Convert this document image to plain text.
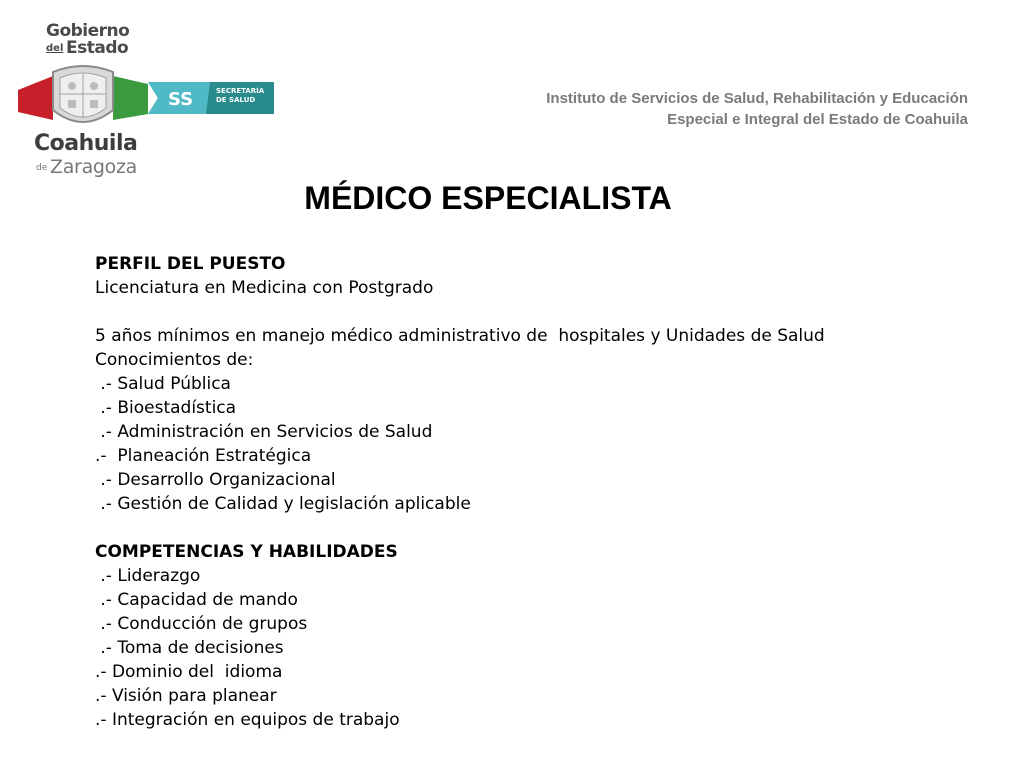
Gobierno
del Estado
SS	SECRETARÍA DE SALUD
Coahuila
de Zaragoza
Instituto de Servicios de Salud, Rehabilitación y Educación
Especial e Integral del Estado de Coahuila
MÉDICO ESPECIALISTA
PERFIL DEL PUESTO
Licenciatura en Medicina con Postgrado
5 años mínimos en manejo médico administrativo de  hospitales y Unidades de Salud
Conocimientos de:
.- Salud Pública
.- Bioestadística
.- Administración en Servicios de Salud
.-  Planeación Estratégica
.- Desarrollo Organizacional
.- Gestión de Calidad y legislación aplicable
COMPETENCIAS Y HABILIDADES
.- Liderazgo
.- Capacidad de mando
.- Conducción de grupos
.- Toma de decisiones
.- Dominio del  idioma
.- Visión para planear
.- Integración en equipos de trabajo
